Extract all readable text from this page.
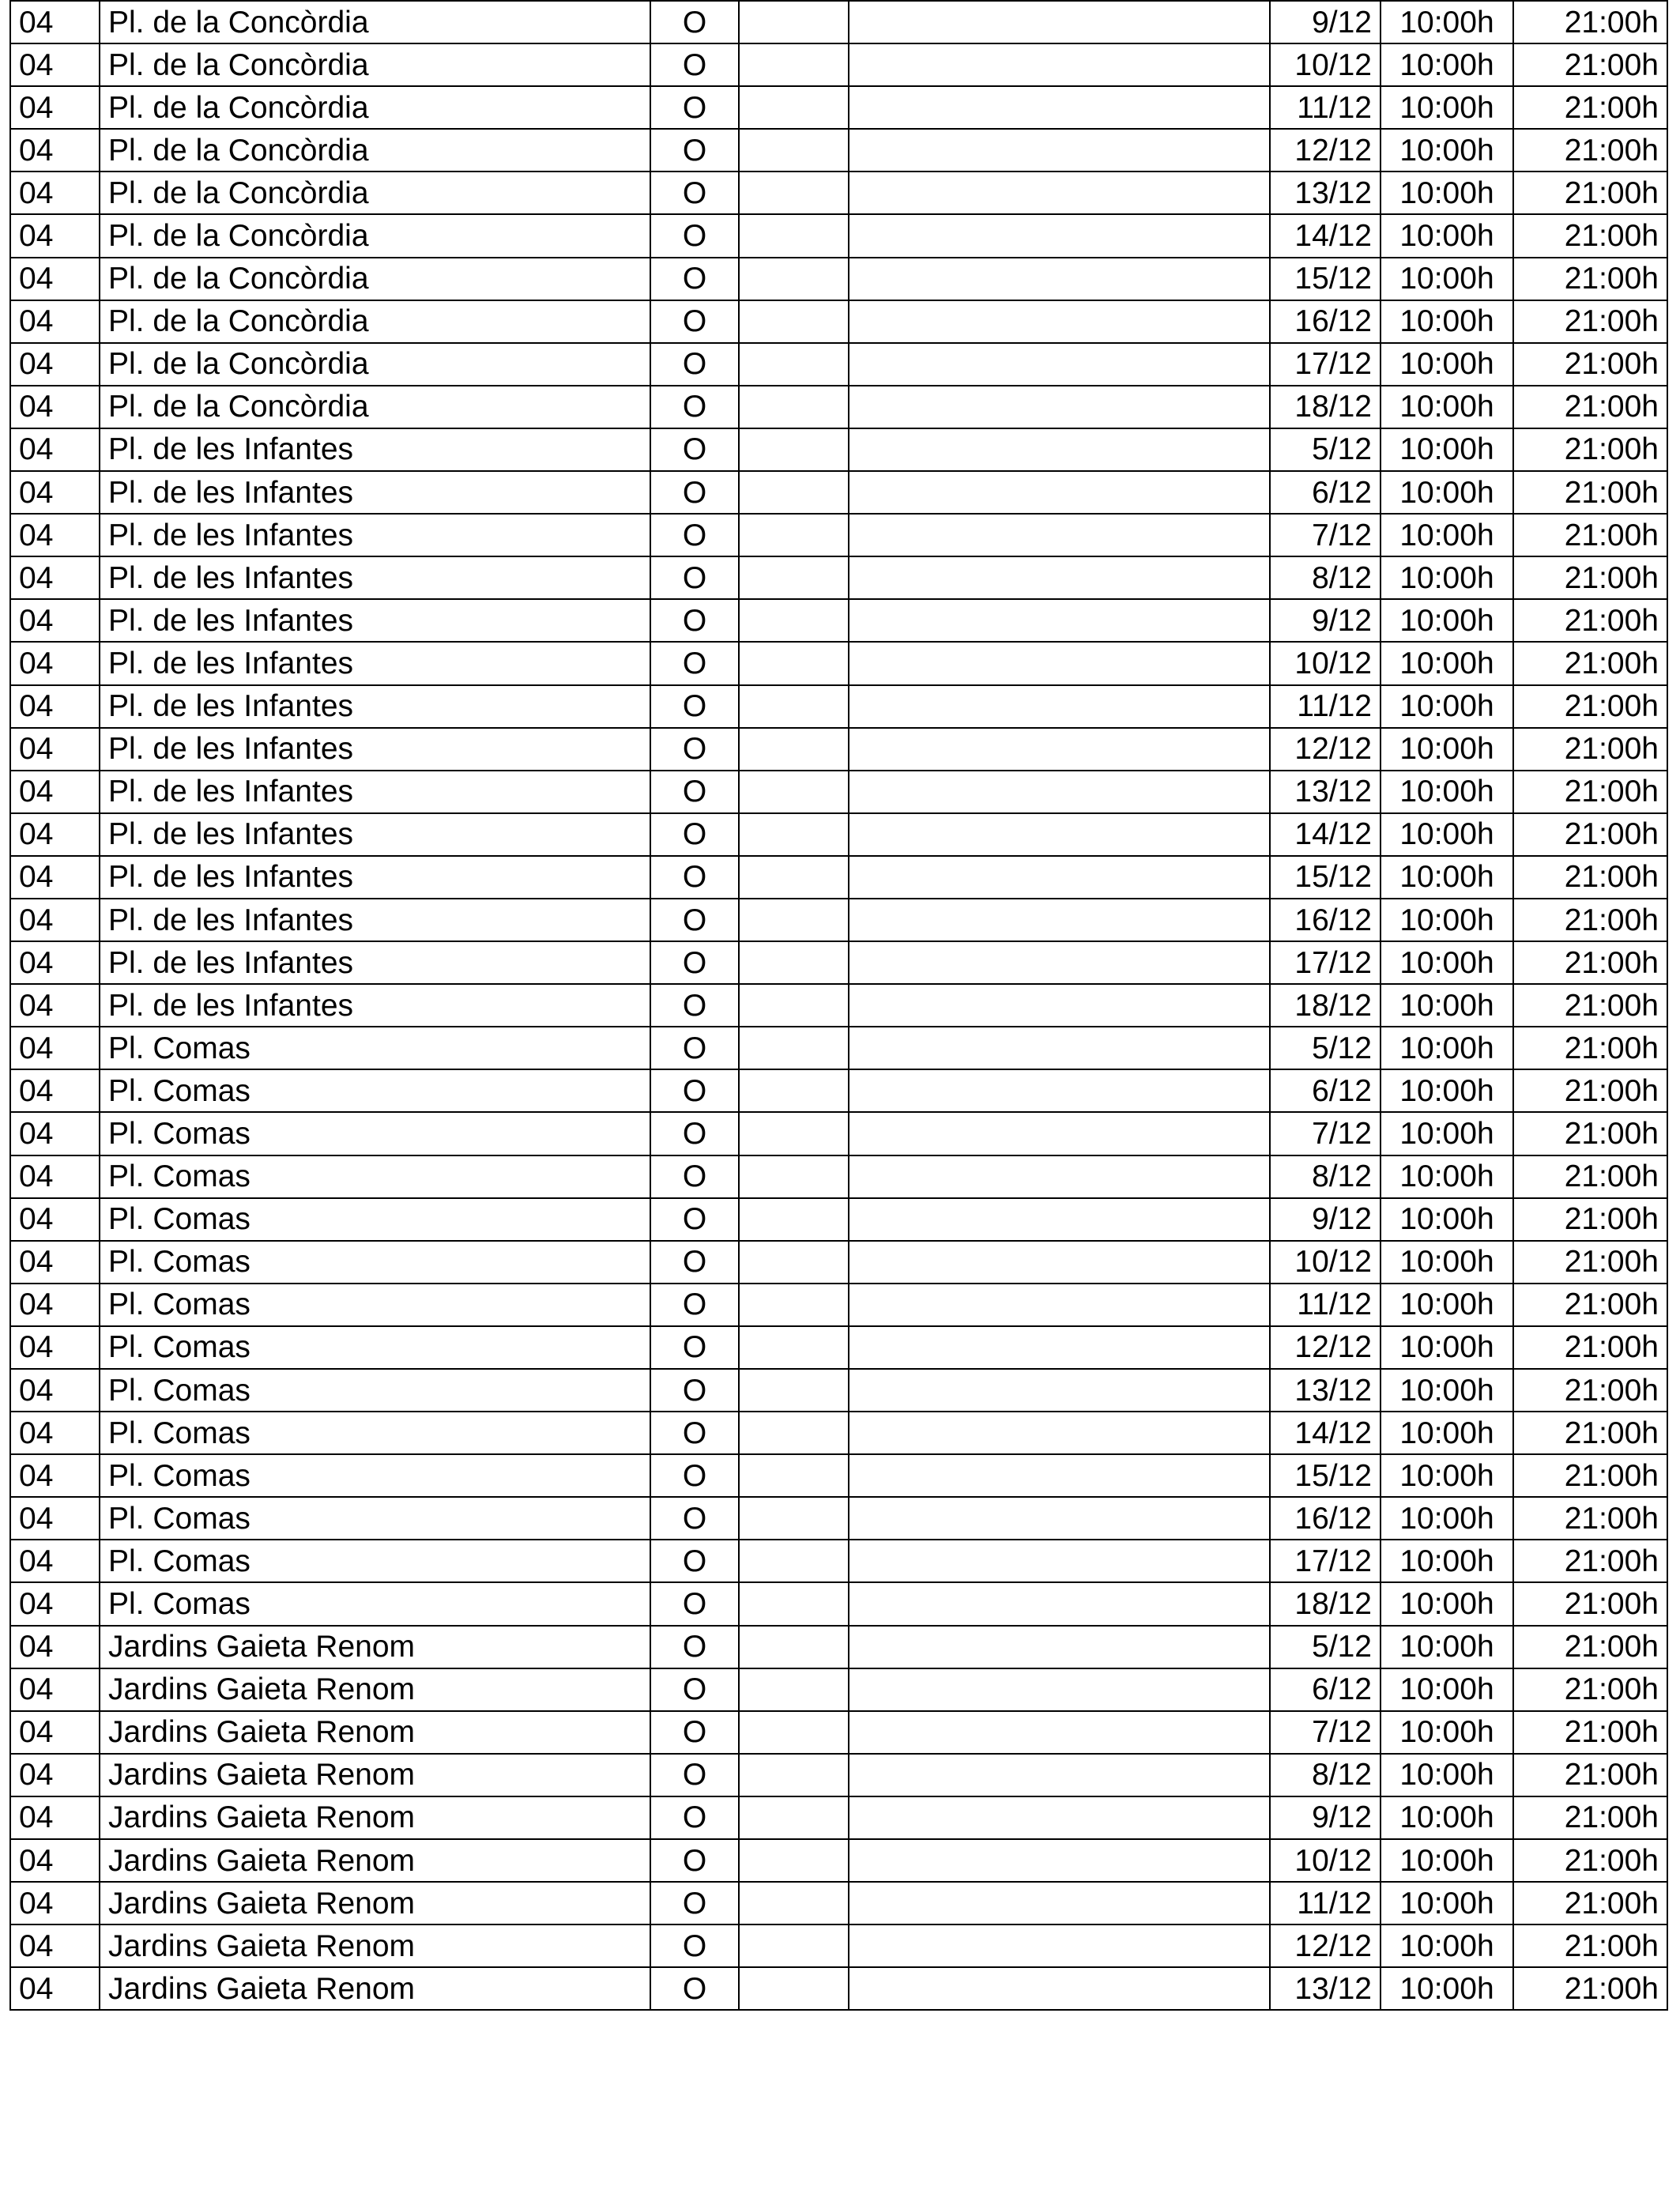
04	Pl. de la Concòrdia	O			9/12	10:00h	21:00h
04	Pl. de la Concòrdia	O			10/12	10:00h	21:00h
04	Pl. de la Concòrdia	O			11/12	10:00h	21:00h
04	Pl. de la Concòrdia	O			12/12	10:00h	21:00h
04	Pl. de la Concòrdia	O			13/12	10:00h	21:00h
04	Pl. de la Concòrdia	O			14/12	10:00h	21:00h
04	Pl. de la Concòrdia	O			15/12	10:00h	21:00h
04	Pl. de la Concòrdia	O			16/12	10:00h	21:00h
04	Pl. de la Concòrdia	O			17/12	10:00h	21:00h
04	Pl. de la Concòrdia	O			18/12	10:00h	21:00h
04	Pl. de les Infantes	O			5/12	10:00h	21:00h
04	Pl. de les Infantes	O			6/12	10:00h	21:00h
04	Pl. de les Infantes	O			7/12	10:00h	21:00h
04	Pl. de les Infantes	O			8/12	10:00h	21:00h
04	Pl. de les Infantes	O			9/12	10:00h	21:00h
04	Pl. de les Infantes	O			10/12	10:00h	21:00h
04	Pl. de les Infantes	O			11/12	10:00h	21:00h
04	Pl. de les Infantes	O			12/12	10:00h	21:00h
04	Pl. de les Infantes	O			13/12	10:00h	21:00h
04	Pl. de les Infantes	O			14/12	10:00h	21:00h
04	Pl. de les Infantes	O			15/12	10:00h	21:00h
04	Pl. de les Infantes	O			16/12	10:00h	21:00h
04	Pl. de les Infantes	O			17/12	10:00h	21:00h
04	Pl. de les Infantes	O			18/12	10:00h	21:00h
04	Pl. Comas	O			5/12	10:00h	21:00h
04	Pl. Comas	O			6/12	10:00h	21:00h
04	Pl. Comas	O			7/12	10:00h	21:00h
04	Pl. Comas	O			8/12	10:00h	21:00h
04	Pl. Comas	O			9/12	10:00h	21:00h
04	Pl. Comas	O			10/12	10:00h	21:00h
04	Pl. Comas	O			11/12	10:00h	21:00h
04	Pl. Comas	O			12/12	10:00h	21:00h
04	Pl. Comas	O			13/12	10:00h	21:00h
04	Pl. Comas	O			14/12	10:00h	21:00h
04	Pl. Comas	O			15/12	10:00h	21:00h
04	Pl. Comas	O			16/12	10:00h	21:00h
04	Pl. Comas	O			17/12	10:00h	21:00h
04	Pl. Comas	O			18/12	10:00h	21:00h
04	Jardins Gaieta Renom	O			5/12	10:00h	21:00h
04	Jardins Gaieta Renom	O			6/12	10:00h	21:00h
04	Jardins Gaieta Renom	O			7/12	10:00h	21:00h
04	Jardins Gaieta Renom	O			8/12	10:00h	21:00h
04	Jardins Gaieta Renom	O			9/12	10:00h	21:00h
04	Jardins Gaieta Renom	O			10/12	10:00h	21:00h
04	Jardins Gaieta Renom	O			11/12	10:00h	21:00h
04	Jardins Gaieta Renom	O			12/12	10:00h	21:00h
04	Jardins Gaieta Renom	O			13/12	10:00h	21:00h
